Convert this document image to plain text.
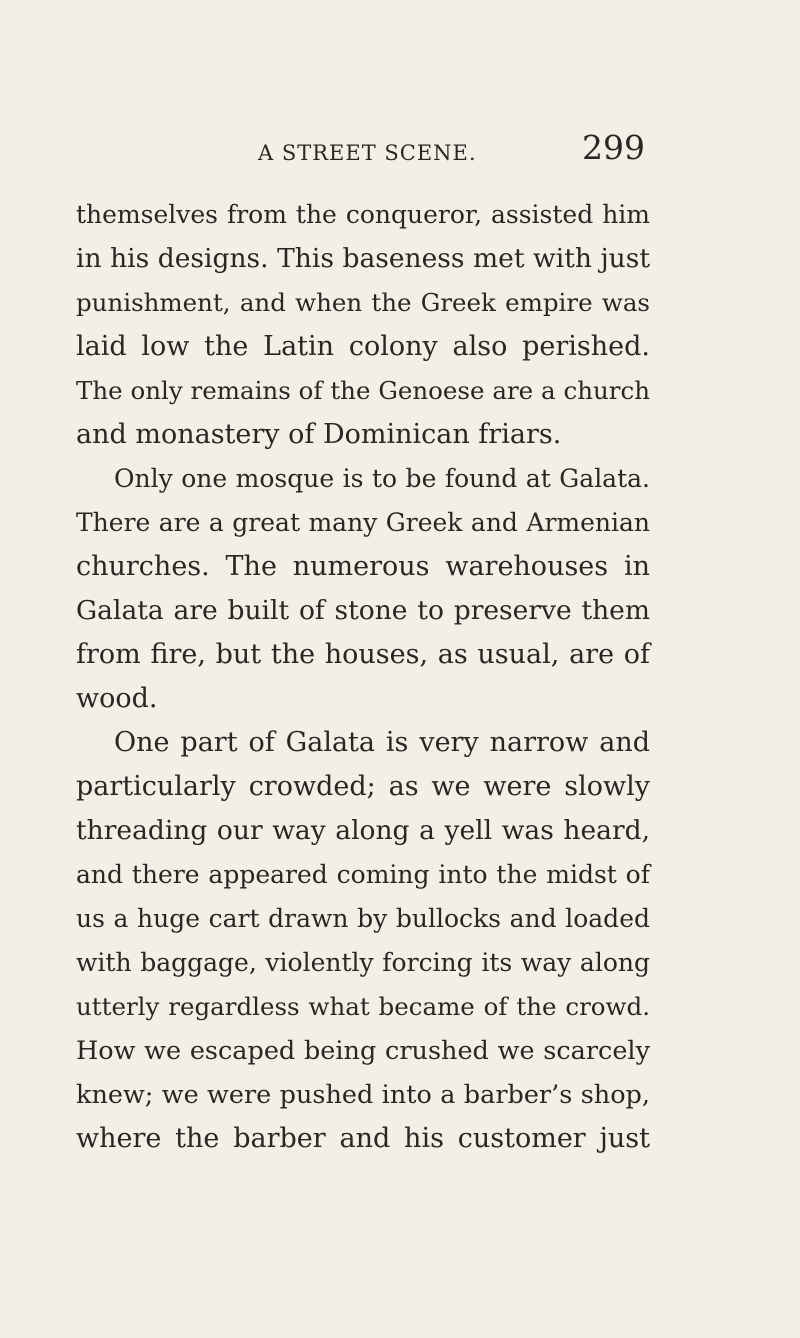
A STREET SCENE.	299
themselves from the conqueror, assisted him
in his designs. This baseness met with just
punishment, and when the Greek empire was
laid low the Latin colony also perished.
The only remains of the Genoese are a church
and monastery of Dominican friars.
Only one mosque is to be found at Galata.
There are a great many Greek and Armenian
churches. The numerous warehouses in
Galata are built of stone to preserve them
from fire, but the houses, as usual, are of
wood.
One part of Galata is very narrow and
particularly crowded; as we were slowly
threading our way along a yell was heard,
and there appeared coming into the midst of
us a huge cart drawn by bullocks and loaded
with baggage, violently forcing its way along
utterly regardless what became of the crowd.
How we escaped being crushed we scarcely
knew; we were pushed into a barber’s shop,
where the barber and his customer just
